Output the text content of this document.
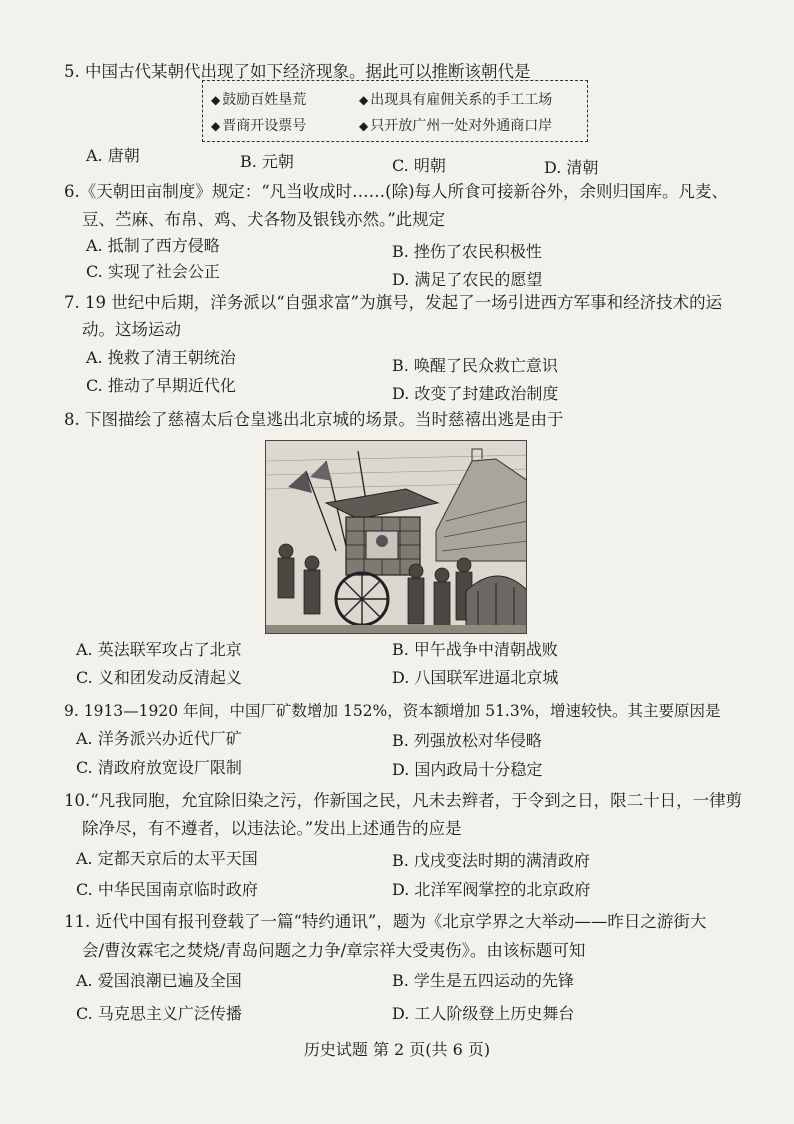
5. 中国古代某朝代出现了如下经济现象。据此可以推断该朝代是
◆ 鼓励百姓垦荒	◆ 出现具有雇佣关系的手工工场
◆ 晋商开设票号	◆ 只开放广州一处对外通商口岸
A. 唐朝	B. 元朝	C. 明朝	D. 清朝
6.《天朝田亩制度》规定：“凡当收成时……(除)每人所食可接新谷外，余则归国库。凡麦、
豆、苎麻、布帛、鸡、犬各物及银钱亦然。”此规定
A. 抵制了西方侵略	B. 挫伤了农民积极性
C. 实现了社会公正	D. 满足了农民的愿望
7. 19 世纪中后期，洋务派以“自强求富”为旗号，发起了一场引进西方军事和经济技术的运
动。这场运动
A. 挽救了清王朝统治	B. 唤醒了民众救亡意识
C. 推动了早期近代化	D. 改变了封建政治制度
8. 下图描绘了慈禧太后仓皇逃出北京城的场景。当时慈禧出逃是由于
A. 英法联军攻占了北京	B. 甲午战争中清朝战败
C. 义和团发动反清起义	D. 八国联军进逼北京城
9. 1913—1920 年间，中国厂矿数增加 152%，资本额增加 51.3%，增速较快。其主要原因是
A. 洋务派兴办近代厂矿	B. 列强放松对华侵略
C. 清政府放宽设厂限制	D. 国内政局十分稳定
10.“凡我同胞，允宜除旧染之污，作新国之民，凡未去辫者，于令到之日，限二十日，一律剪
除净尽，有不遵者，以违法论。”发出上述通告的应是
A. 定都天京后的太平天国	B. 戊戌变法时期的满清政府
C. 中华民国南京临时政府	D. 北洋军阀掌控的北京政府
11. 近代中国有报刊登载了一篇“特约通讯”，题为《北京学界之大举动——昨日之游街大
会/曹汝霖宅之焚烧/青岛问题之力争/章宗祥大受夷伤》。由该标题可知
A. 爱国浪潮已遍及全国	B. 学生是五四运动的先锋
C. 马克思主义广泛传播	D. 工人阶级登上历史舞台
历史试题 第 2 页(共 6 页)
